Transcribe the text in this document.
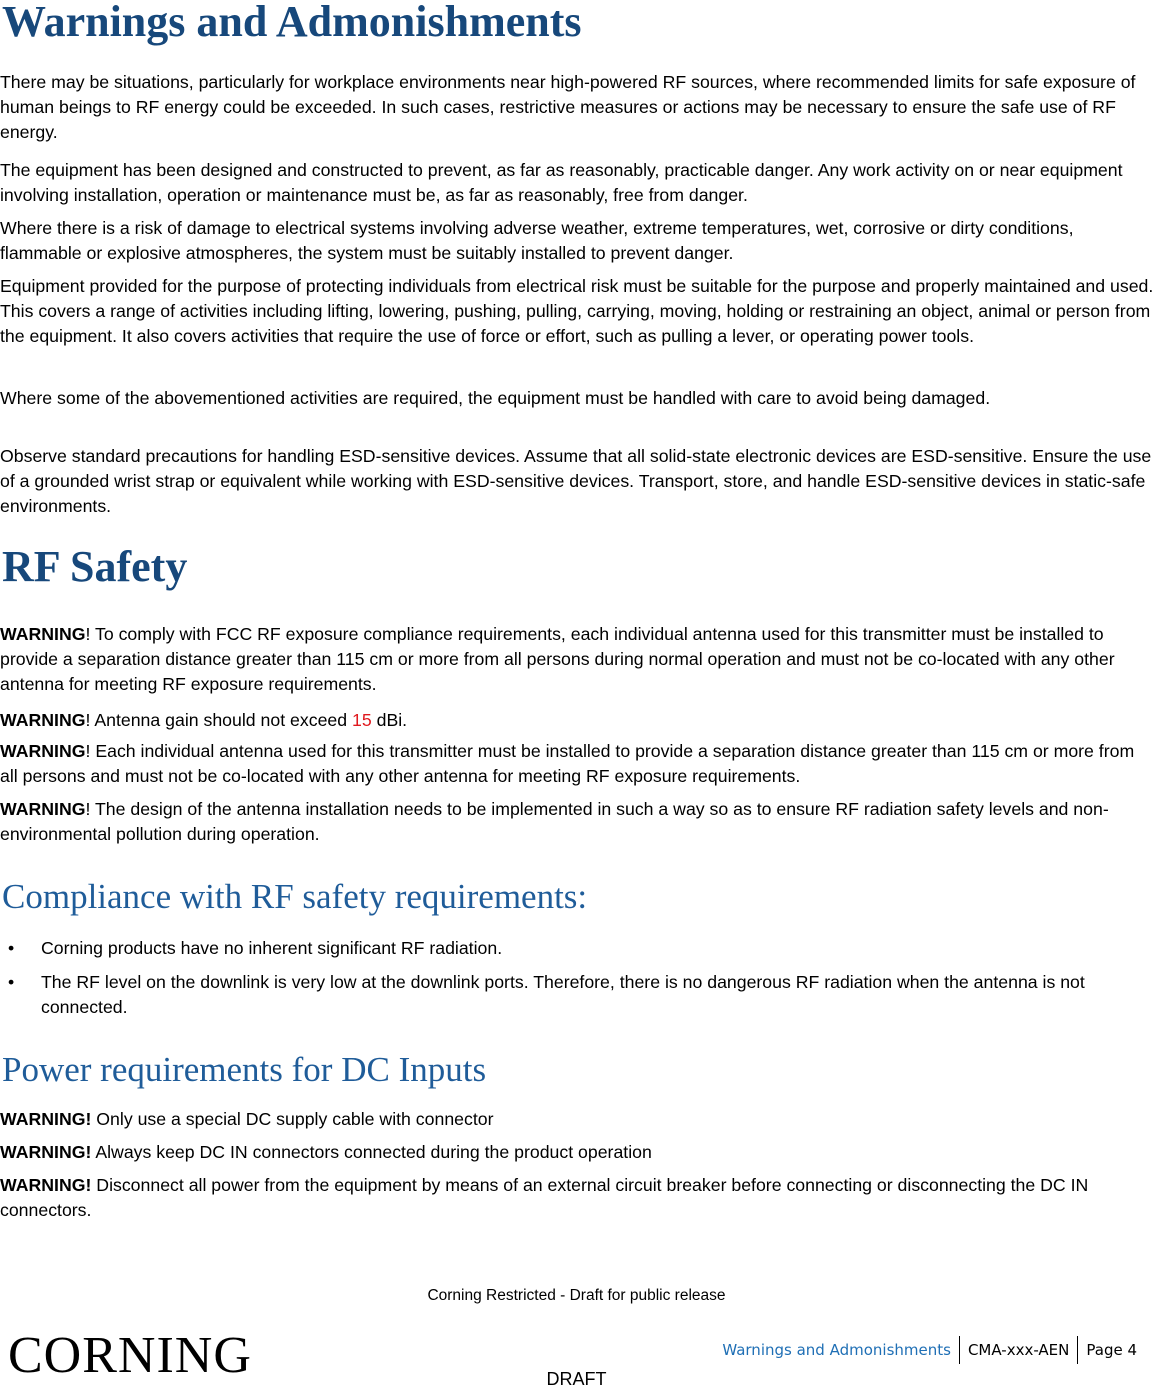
Warnings and Admonishments

There may be situations, particularly for workplace environments near high-powered RF sources, where recommended limits for safe exposure of human beings to RF energy could be exceeded. In such cases, restrictive measures or actions may be necessary to ensure the safe use of RF energy.

The equipment has been designed and constructed to prevent, as far as reasonably, practicable danger. Any work activity on or near equipment involving installation, operation or maintenance must be, as far as reasonably, free from danger.

Where there is a risk of damage to electrical systems involving adverse weather, extreme temperatures, wet, corrosive or dirty conditions, flammable or explosive atmospheres, the system must be suitably installed to prevent danger.

Equipment provided for the purpose of protecting individuals from electrical risk must be suitable for the purpose and properly maintained and used. This covers a range of activities including lifting, lowering, pushing, pulling, carrying, moving, holding or restraining an object, animal or person from the equipment. It also covers activities that require the use of force or effort, such as pulling a lever, or operating power tools.

Where some of the abovementioned activities are required, the equipment must be handled with care to avoid being damaged.

Observe standard precautions for handling ESD-sensitive devices. Assume that all solid-state electronic devices are ESD-sensitive. Ensure the use of a grounded wrist strap or equivalent while working with ESD-sensitive devices. Transport, store, and handle ESD-sensitive devices in static-safe environments.

RF Safety

WARNING! To comply with FCC RF exposure compliance requirements, each individual antenna used for this transmitter must be installed to provide a separation distance greater than 115 cm or more from all persons during normal operation and must not be co-located with any other antenna for meeting RF exposure requirements.

WARNING! Antenna gain should not exceed 15 dBi.

WARNING! Each individual antenna used for this transmitter must be installed to provide a separation distance greater than 115 cm or more from all persons and must not be co-located with any other antenna for meeting RF exposure requirements.

WARNING! The design of the antenna installation needs to be implemented in such a way so as to ensure RF radiation safety levels and non-environmental pollution during operation.

Compliance with RF safety requirements:
• Corning products have no inherent significant RF radiation.
• The RF level on the downlink is very low at the downlink ports. Therefore, there is no dangerous RF radiation when the antenna is not connected.
Power requirements for DC Inputs

WARNING! Only use a special DC supply cable with connector

WARNING! Always keep DC IN connectors connected during the product operation

WARNING! Disconnect all power from the equipment by means of an external circuit breaker before connecting or disconnecting the DC IN connectors.

Corning Restricted - Draft for public release
CORNING	Warnings and Admonishments	CMA-xxx-AEN	Page 4
DRAFT
